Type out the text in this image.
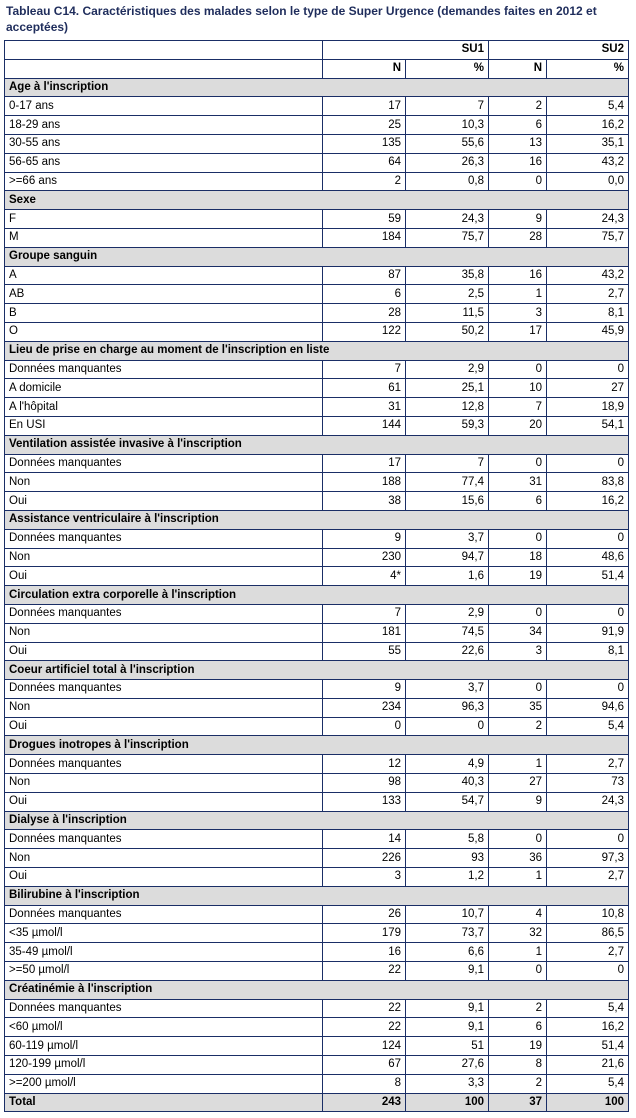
Tableau C14. Caractéristiques des malades selon le type de Super Urgence (demandes faites en 2012 et acceptées)
	SU1		SU2	
	N	%	N	%
Age à l'inscription				
0-17 ans	17	7	2	5,4
18-29 ans	25	10,3	6	16,2
30-55 ans	135	55,6	13	35,1
56-65 ans	64	26,3	16	43,2
>=66 ans	2	0,8	0	0,0
Sexe				
F	59	24,3	9	24,3
M	184	75,7	28	75,7
Groupe sanguin				
A	87	35,8	16	43,2
AB	6	2,5	1	2,7
B	28	11,5	3	8,1
O	122	50,2	17	45,9
Lieu de prise en charge au moment de l'inscription en liste				
Données manquantes	7	2,9	0	0
A domicile	61	25,1	10	27
A l'hôpital	31	12,8	7	18,9
En USI	144	59,3	20	54,1
Ventilation assistée invasive à l'inscription				
Données manquantes	17	7	0	0
Non	188	77,4	31	83,8
Oui	38	15,6	6	16,2
Assistance ventriculaire à l'inscription				
Données manquantes	9	3,7	0	0
Non	230	94,7	18	48,6
Oui	4*	1,6	19	51,4
Circulation extra corporelle à l'inscription				
Données manquantes	7	2,9	0	0
Non	181	74,5	34	91,9
Oui	55	22,6	3	8,1
Coeur artificiel total à l'inscription				
Données manquantes	9	3,7	0	0
Non	234	96,3	35	94,6
Oui	0	0	2	5,4
Drogues inotropes à l'inscription				
Données manquantes	12	4,9	1	2,7
Non	98	40,3	27	73
Oui	133	54,7	9	24,3
Dialyse à l'inscription				
Données manquantes	14	5,8	0	0
Non	226	93	36	97,3
Oui	3	1,2	1	2,7
Bilirubine à l'inscription				
Données manquantes	26	10,7	4	10,8
<35 µmol/l	179	73,7	32	86,5
35-49 µmol/l	16	6,6	1	2,7
>=50 µmol/l	22	9,1	0	0
Créatinémie à l'inscription				
Données manquantes	22	9,1	2	5,4
<60 µmol/l	22	9,1	6	16,2
60-119 µmol/l	124	51	19	51,4
120-199 µmol/l	67	27,6	8	21,6
>=200 µmol/l	8	3,3	2	5,4
Total	243	100	37	100
